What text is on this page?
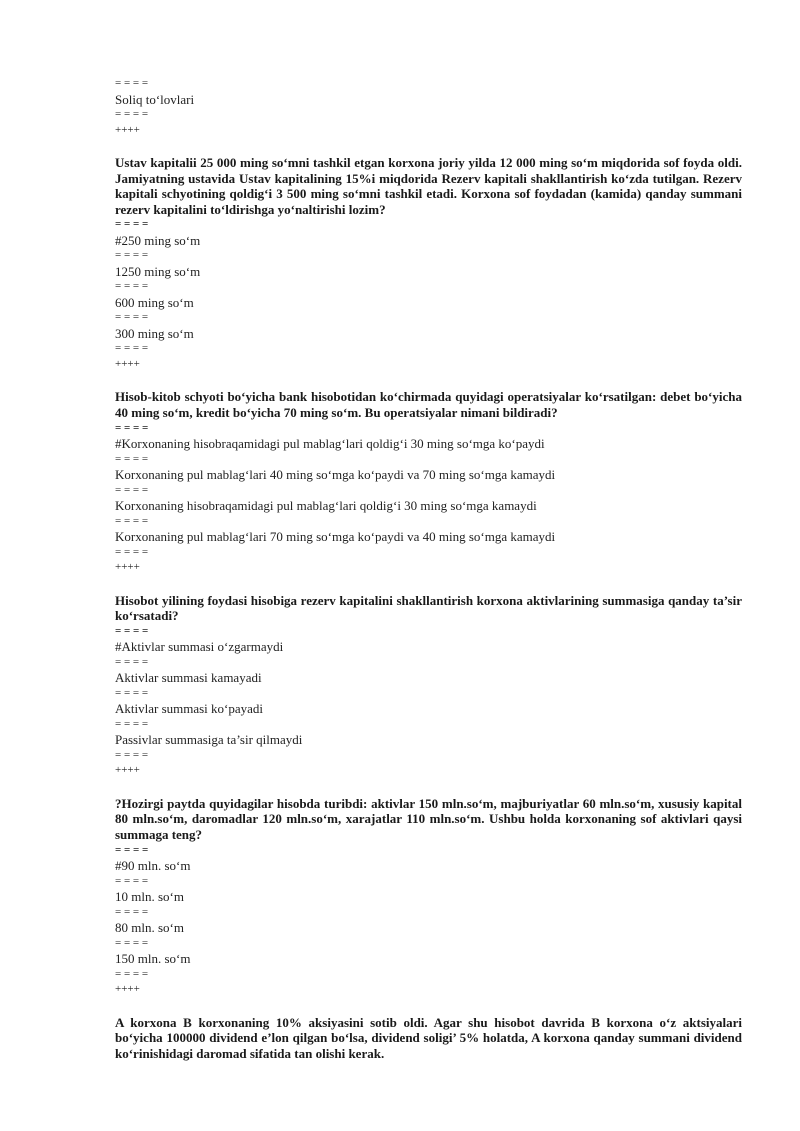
= = = =
Soliq to‘lovlari
= = = =
++++
Ustav kapitalii 25 000 ming so‘mni tashkil etgan korxona joriy yilda 12 000 ming so‘m miqdorida sof foyda oldi. Jamiyatning ustavida Ustav kapitalining 15%i miqdorida Rezerv kapitali shakllantirish ko‘zda tutilgan. Rezerv kapitali schyotining qoldig‘i 3 500 ming so‘mni tashkil etadi. Korxona sof foydadan (kamida) qanday summani rezerv kapitalini to‘ldirishga yo‘naltirishi lozim?
= = = =
#250 ming so‘m
= = = =
1250 ming so‘m
= = = =
600 ming so‘m
= = = =
300 ming so‘m
= = = =
++++
Hisob-kitob schyoti bo‘yicha bank hisobotidan ko‘chirmada quyidagi operatsiyalar ko‘rsatilgan: debet bo‘yicha 40 ming so‘m, kredit bo‘yicha 70 ming so‘m. Bu operatsiyalar nimani bildiradi?
= = = =
#Korxonaning hisobraqamidagi pul mablag‘lari qoldig‘i 30 ming so‘mga ko‘paydi
= = = =
Korxonaning pul mablag‘lari 40 ming so‘mga ko‘paydi va 70 ming so‘mga kamaydi
= = = =
Korxonaning hisobraqamidagi pul mablag‘lari qoldig‘i 30 ming so‘mga kamaydi
= = = =
Korxonaning pul mablag‘lari 70 ming so‘mga ko‘paydi va 40 ming so‘mga kamaydi
= = = =
++++
Hisobot yilining foydasi hisobiga rezerv kapitalini shakllantirish korxona aktivlarining summasiga qanday ta’sir ko‘rsatadi?
= = = =
#Aktivlar summasi o‘zgarmaydi
= = = =
Aktivlar summasi kamayadi
= = = =
Aktivlar summasi ko‘payadi
= = = =
Passivlar summasiga ta’sir qilmaydi
= = = =
++++
?Hozirgi paytda quyidagilar hisobda turibdi: aktivlar 150 mln.so‘m, majburiyatlar 60 mln.so‘m, xususiy kapital 80 mln.so‘m, daromadlar 120 mln.so‘m, xarajatlar 110 mln.so‘m. Ushbu holda korxonaning sof aktivlari qaysi summaga teng?
= = = =
#90 mln. so‘m
= = = =
10 mln. so‘m
= = = =
80 mln. so‘m
= = = =
150 mln. so‘m
= = = =
++++
A korxona B korxonaning 10% aksiyasini sotib oldi. Agar shu hisobot davrida B korxona o‘z aktsiyalari bo‘yicha 100000 dividend e’lon qilgan bo‘lsa, dividend soligi’ 5% holatda, A korxona qanday summani dividend ko‘rinishidagi daromad sifatida tan olishi kerak.
